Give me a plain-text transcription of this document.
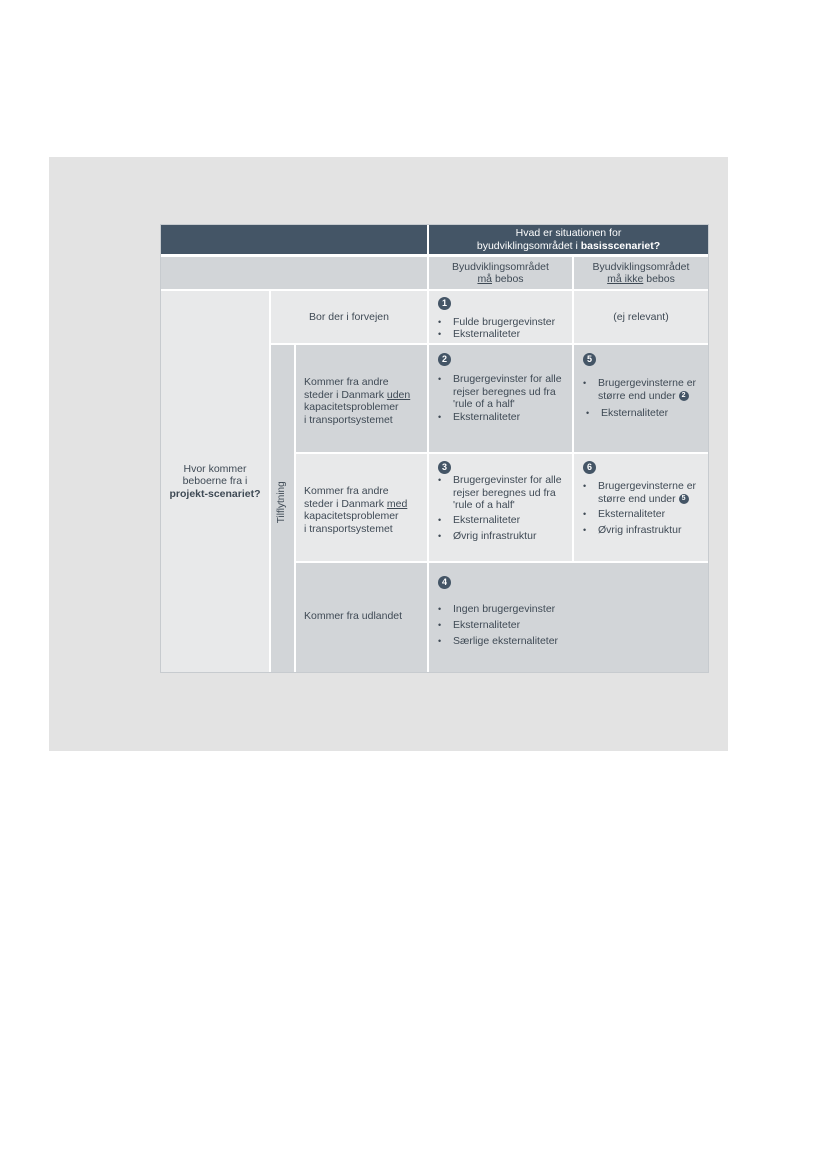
Hvad er situationen for
byudviklingsområdet i basisscenariet?
Byudviklingsområdet
må bebos
Byudviklingsområdet
må ikke bebos
Hvor kommer
beboerne fra i
projekt-scenariet?
Bor der i forvejen
1
• Fulde brugergevinster
• Eksternaliteter
(ej relevant)
Tilflytning
Kommer fra andre
steder i Danmark uden
kapacitetsproblemer
i transportsystemet
2
• Brugergevinster for alle
rejser beregnes ud fra
'rule of a half'
• Eksternaliteter
5
• Brugergevinsterne er
større end under 2
• Eksternaliteter
Kommer fra andre
steder i Danmark med
kapacitetsproblemer
i transportsystemet
3
• Brugergevinster for alle
rejser beregnes ud fra
'rule of a half'
• Eksternaliteter
• Øvrig infrastruktur
6
• Brugergevinsterne er
større end under 5
• Eksternaliteter
• Øvrig infrastruktur
Kommer fra udlandet
4
• Ingen brugergevinster
• Eksternaliteter
• Særlige eksternaliteter
